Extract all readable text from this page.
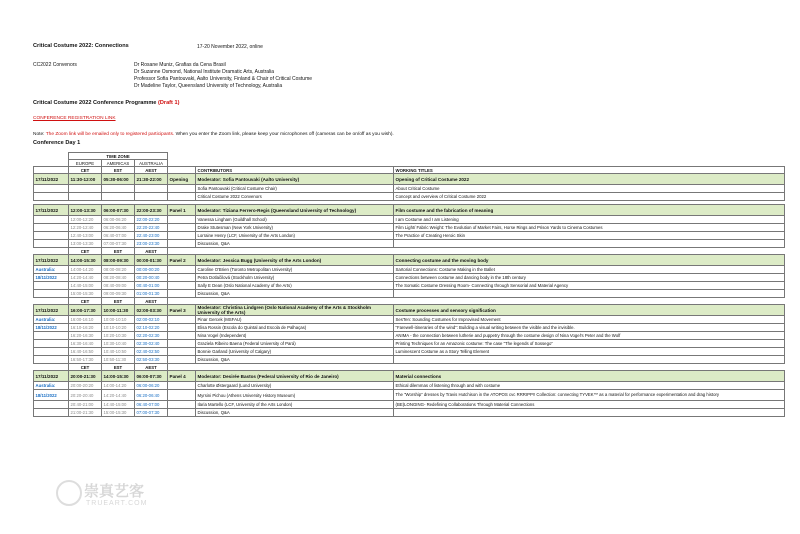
Critical Costume 2022: Connections	17-20 November 2022, online
CC2022 Convenors	Dr Rosane Muniz, Grafias da Cena Brasil
Dr Suzanne Osmond, National Institute Dramatic Arts, Australia
Professor Sofia Pantouvaki, Aalto University, Finland & Chair of Critical Costume
Dr Madeline Taylor, Queensland University of Technology, Australia
Critical Costume 2022 Conference Programme (Draft 1)
CONFERENCE REGISTRATION LINK
Note: The Zoom link will be emailed only to registered participants. When you enter the Zoom link, please keep your microphones off (cameras can be on/off as you wish).
Conference Day 1
	TIME ZONE					
	EUROPE	AMERICAS	AUSTRALIA			
	CET	EST	AEST		CONTRIBUTORS	WORKING TITLES
17/11/2022	11:30-12:00	05:30-06:00	21:30-22:00	Opening	Moderator: Sofia Pantouvaki (Aalto University)	Opening of Critical Costume 2022
					Sofia Pantouvaki (Critical Costume Chair)	About Critical Costume
					Critical Costume 2022 Convenors	Concept and overview of Critical Costume 2022

17/11/2022	12:00-13:30	06:00-07:30	22:00-23:30	Panel 1	Moderator: Tiziana Ferrero-Regis (Queensland University of Technology)	Film costume and the fabrication of meaning
	12:00-12:20	06:00-06:20	22:00-22:20		Vanessa Lingham (Guildhall School)	I am Costume and I am Listening
	12:20-12:40	06:20-06:40	22:20-22:40		Drake Stutesman (New York University)	Film Light/ Fabric Weight: The Evolution of Market Fairs, Horse Rings and Prison Yards to Cinema Costumes
	12:40-13:00	06:40-07:00	22:40-23:00		Lorraine Henry (LCF, University of the Arts London)	The Practice of Creating Heroic Skin
	13:00-13:30	07:00-07:30	23:00-23:30		Discussion, Q&A	
	CET	EST	AEST			
17/11/2022	14:00-15:30	08:00-09:30	00:00-01:30	Panel 2	Moderator: Jessica Bugg (University of the Arts London)	Connecting costume and the moving body
Australia:	14:00-14:20	08:00-08:20	00:00-00:20		Caroline O'Brien (Toronto Metropolitan University)	Sartorial Connections: Costume Making in the Ballet
18/11/2022	14:20-14:40	08:20-08:40	00:20-00:40		Petra Dotlačilová (Stockholm University)	Connections between costume and dancing body in the 18th century
	14:40-15:00	08:40-09:00	00:40-01:00		Sally E Dean (Oslo National Academy of the Arts)	The Somatic Costume Dressing Room- Connecting through Sensorial and Material Agency
	15:00-15:30	09:00-09:30	01:00-01:30		Discussion, Q&A	
	CET	EST	AEST			
17/11/2022	16:00-17:30	10:00-11:30	02:00-03:30	Panel 3	Moderator: Christina Lindgren (Oslo National Academy of the Arts & Stockholm University of the Arts)	Costume processes and sensory signification
Australia:	16:00-16:10	10:00-10:10	02:00-02:10		Pinar Gercek (MSFAU)	SesTen: Sounding Costumes for Improvised Movement
18/11/2022	16:10-16:20	10:10-10:20	02:10-02:20		Elisa Rossin (Escola do Quintal and Escola de Palhaças)	“Farewell-itineraries of the wind”: Building a visual writing between the visible and the invisible.
	16:20-16:30	10:20-10:30	02:20-02:30		Nina Vogel (Independent)	ANIMA - the connection between lutherie and puppetry through the costume design of Nina Vogel's Peter and the Wolf
	16:30-16:40	10:30-10:40	02:30-02:40		Graziela Ribeiro Baena (Federal University of Pará)	Printing Techniques for an Amazonic costume: The case “The legends of Sossego”
	16:40-16:50	10:40-10:50	02:40-02:50		Bonnie Garland (University of Calgary)	Luminescent Costume as a Story Telling Element
	16:50-17:30	10:50-11:30	02:50-03:30		Discussion, Q&A	
	CET	EST	AEST			
17/11/2022	20:00-21:30	14:00-15:30	06:00-07:30	Panel 4	Moderator: Desirée Bastos (Federal University of Rio de Janeiro)	Material connections
Australia:	20:00-20:20	14:00-14:20	06:00-06:20		Charlotte Østergaard (Lund University)	Ethical dilemmas of listening through and with costume
18/11/2022	20:20-20:40	14:20-14:40	06:20-06:40		Myrsini Pichou (Athens University History Museum)	The “Worship” dresses by Travis Hutchison in the ATOPOS cvc RRRIPP!! Collection: connecting TYVEK™ as a material for performance experimentation and drag history
	20:40-21:00	14:40-15:00	06:40-07:00		Ilaria Martello (LCF, University of the Arts London)	(BE)LONGING- Redefining Collaborations Through Material Connections
	21:00-21:30	15:00-15:30	07:00-07:30		Discussion, Q&A	
崇真艺客
TRUEART.COM
